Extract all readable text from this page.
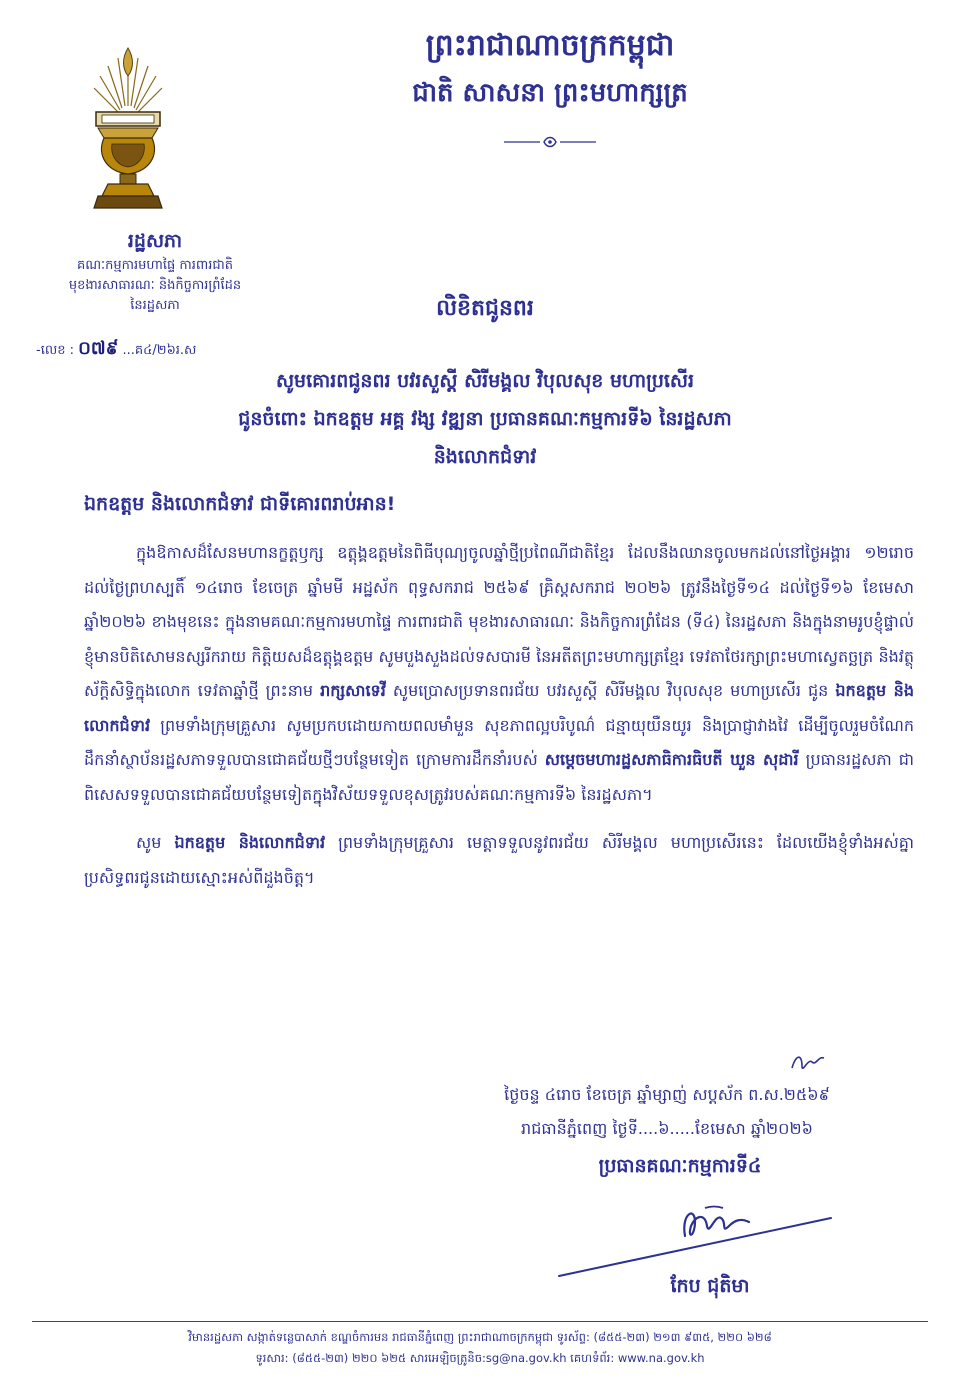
ព្រះរាជាណាចក្រកម្ពុជា
ជាតិ សាសនា ព្រះមហាក្សត្រ
រដ្ឋសភា
គណៈកម្មការមហាផ្ទៃ ការពារជាតិ
មុខងារសាធារណៈ និងកិច្ចការព្រំដែន
នៃរដ្ឋសភា
-លេខ : ០៧៩ ...គ៤/២៦រ.ស
លិខិតជូនពរ
សូមគោរពជូនពរ បវរសួស្តី សិរីមង្គល វិបុលសុខ មហាប្រសើរ
ជូនចំពោះ ឯកឧត្តម អគ្គ វង្ស វឌ្ឍនា ប្រធានគណៈកម្មការទី៦ នៃរដ្ឋសភា
និងលោកជំទាវ
ឯកឧត្តម និងលោកជំទាវ ជាទីគោរពរាប់អាន!

ក្នុងឱកាសដ៏សែនមហានក្ខត្តឫក្ស ឧត្តុង្គឧត្តមនៃពិធីបុណ្យចូលឆ្នាំថ្មីប្រពៃណីជាតិខ្មែរ ដែលនឹងឈានចូលមកដល់នៅថ្ងៃអង្គារ ១២រោច ដល់ថ្ងៃព្រហស្បតិ៍ ១៤រោច ខែចេត្រ ឆ្នាំមមី អដ្ឋស័ក ពុទ្ធសករាជ ២៥៦៩ គ្រិស្តសករាជ ២០២៦ ត្រូវនឹងថ្ងៃទី១៤ ដល់ថ្ងៃទី១៦ ខែមេសា ឆ្នាំ២០២៦ ខាងមុខនេះ ក្នុងនាមគណៈកម្មការមហាផ្ទៃ ការពារជាតិ មុខងារសាធារណៈ និងកិច្ចការព្រំដែន (ទី៤) នៃរដ្ឋសភា និងក្នុងនាមរូបខ្ញុំផ្ទាល់ ខ្ញុំមានបិតិសោមនស្សរីករាយ កិត្តិយសដ៏ឧត្តុង្គឧត្តម សូមបួងសួងដល់ទសបារមី នៃអតីតព្រះមហាក្សត្រខ្មែរ ទេវតាថែរក្សាព្រះមហាស្វេតច្ឆត្រ និងវត្ថុស័ក្តិសិទ្ធិក្នុងលោក ទេវតាឆ្នាំថ្មី ព្រះនាម រាក្សសាទេវី សូមប្រោសប្រទានពរជ័យ បវរសួស្តី សិរីមង្គល វិបុលសុខ មហាប្រសើរ ជូន ឯកឧត្តម និងលោកជំទាវ ព្រមទាំងក្រុមគ្រួសារ សូមប្រកបដោយកាយពលមាំមួន សុខភាពល្អបរិបូណ៌ ជន្មាយុយឺនយូរ និងប្រាជ្ញាវាងវៃ ដើម្បីចូលរួមចំណែកដឹកនាំស្ថាប័នរដ្ឋសភាទទួលបានជោគជ័យថ្មីៗបន្ថែមទៀត ក្រោមការដឹកនាំរបស់ សម្តេចមហារដ្ឋសភាធិការធិបតី ឃួន សុដារី ប្រធានរដ្ឋសភា ជាពិសេសទទួលបានជោគជ័យបន្ថែមទៀតក្នុងវិស័យទទួលខុសត្រូវរបស់គណៈកម្មការទី៦ នៃរដ្ឋសភា។

សូម ឯកឧត្តម និងលោកជំទាវ ព្រមទាំងក្រុមគ្រួសារ មេត្តាទទួលនូវពរជ័យ សិរីមង្គល មហាប្រសើរនេះ ដែលយើងខ្ញុំទាំងអស់គ្នា ប្រសិទ្ធពរជូនដោយស្មោះអស់ពីដួងចិត្ត។

ថ្ងៃចន្ទ ៤រោច ខែចេត្រ ឆ្នាំម្សាញ់ សប្តស័ក ព.ស.២៥៦៩
រាជធានីភ្នំពេញ ថ្ងៃទី....៦.....ខែមេសា ឆ្នាំ២០២៦
ប្រធានគណៈកម្មការទី៤
កែប ជុតិមា
វិមានរដ្ឋសភា សង្កាត់ទន្លេបាសាក់ ខណ្ឌចំការមន រាជធានីភ្នំពេញ ព្រះរាជាណាចក្រកម្ពុជា ទូរស័ព្ទ: (៨៥៥-២៣) ២១៣ ៩៣៥, ២២០ ៦២៨
ទូរសារ: (៨៥៥-២៣) ២២០ ៦២៥ សារអេឡិចត្រូនិច:sg@na.gov.kh គេហទំព័រ: www.na.gov.kh
